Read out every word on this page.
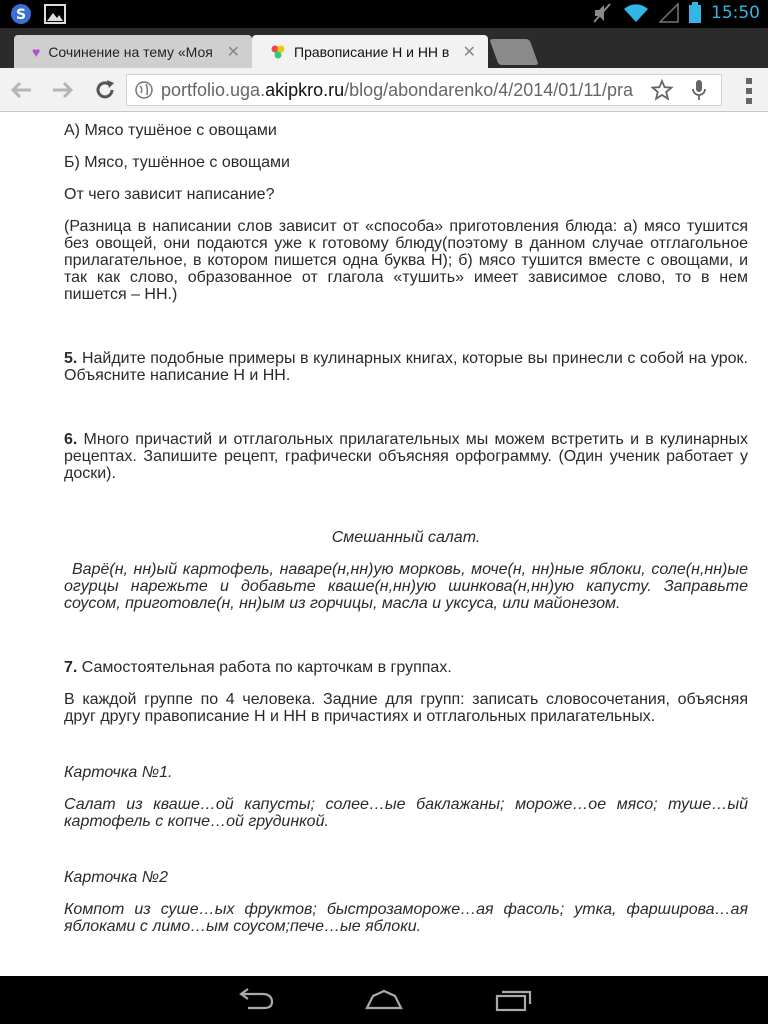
S	15:50
♥ Сочинение на тему «Моя ✕	Правописание Н и НН в ✕
portfolio.uga.akipkro.ru/blog/abondarenko/4/2014/01/11/pra

А) Мясо тушёное с овощами

Б) Мясо, тушённое с овощами

От чего зависит написание?

(Разница в написании слов зависит от «способа» приготовления блюда: а) мясо тушится без овощей, они подаются уже к готовому блюду(поэтому в данном случае отглагольное прилагательное, в котором пишется одна буква Н); б) мясо тушится вместе с овощами, и так как слово, образованное от глагола «тушить» имеет зависимое слово, то в нем пишется – НН.)

5. Найдите подобные примеры в кулинарных книгах, которые вы принесли с собой на урок. Объясните написание Н и НН.

6. Много причастий и отглагольных прилагательных мы можем встретить и в кулинарных рецептах. Запишите рецепт, графически объясняя орфограмму. (Один ученик работает у доски).

Смешанный салат.

Варё(н, нн)ый картофель, наваре(н,нн)ую морковь, моче(н, нн)ные яблоки, соле(н,нн)ые огурцы нарежьте и добавьте кваше(н,нн)ую шинкова(н,нн)ую капусту. Заправьте соусом, приготовле(н, нн)ым из горчицы, масла и уксуса, или майонезом.

7. Самостоятельная работа по карточкам в группах.

В каждой группе по 4 человека. Задние для групп: записать словосочетания, объясняя друг другу правописание Н и НН в причастиях и отглагольных прилагательных.

Карточка №1.

Салат из кваше…ой капусты; солее…ые баклажаны; мороже…ое мясо; туше…ый картофель с копче…ой грудинкой.

Карточка №2

Компот из суше…ых фруктов; быстрозаморoже…ая фасоль; утка, фарширова…ая яблоками с лимо…ым соусом;пече…ые яблоки.
